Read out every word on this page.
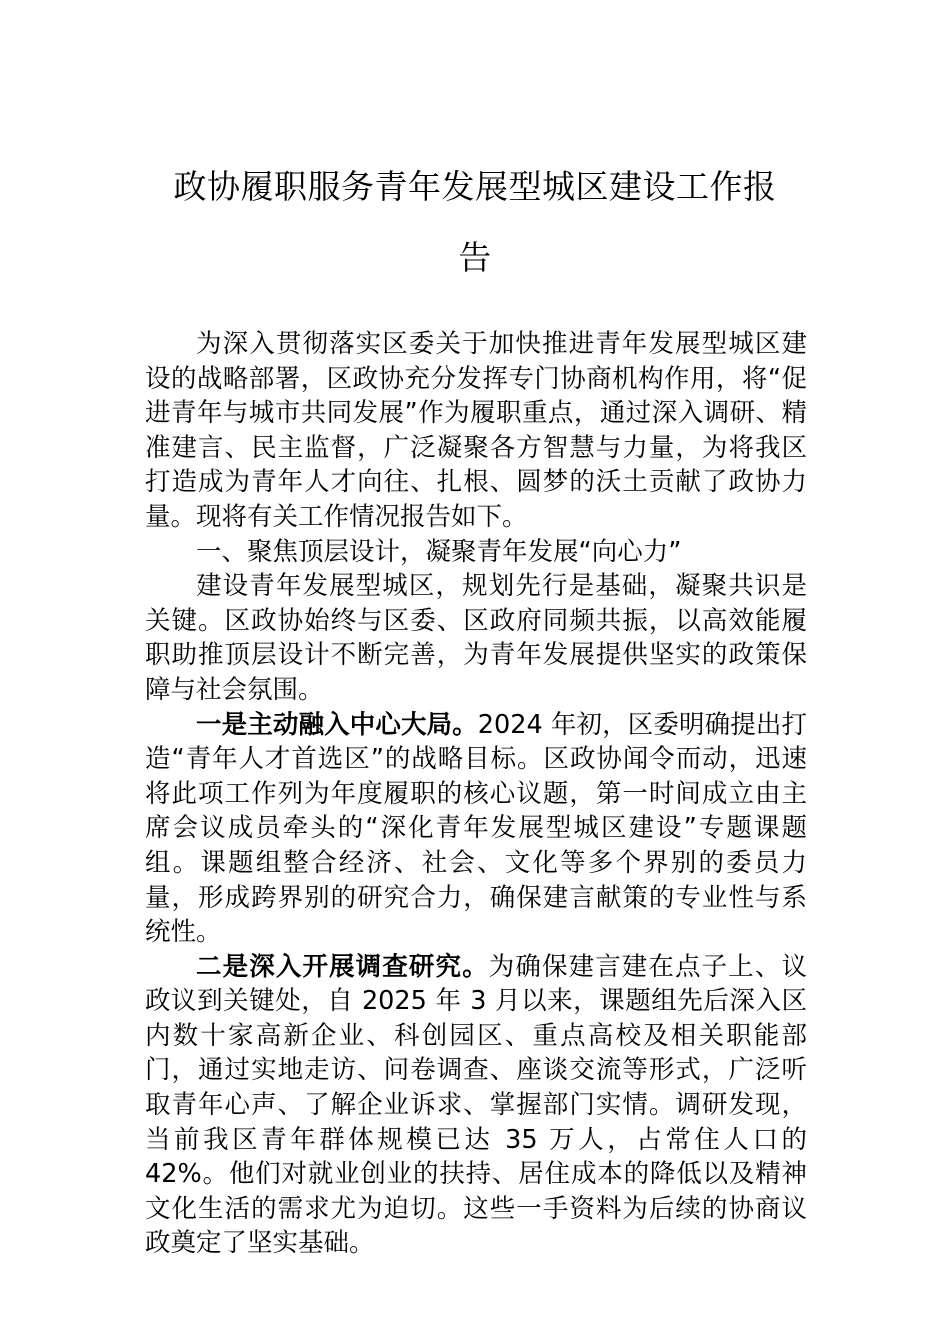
政协履职服务青年发展型城区建设工作报
告

为深入贯彻落实区委关于加快推进青年发展型城区建设的战略部署，区政协充分发挥专门协商机构作用，将“促进青年与城市共同发展”作为履职重点，通过深入调研、精准建言、民主监督，广泛凝聚各方智慧与力量，为将我区打造成为青年人才向往、扎根、圆梦的沃土贡献了政协力量。现将有关工作情况报告如下。

一、聚焦顶层设计，凝聚青年发展“向心力”

建设青年发展型城区，规划先行是基础，凝聚共识是关键。区政协始终与区委、区政府同频共振，以高效能履职助推顶层设计不断完善，为青年发展提供坚实的政策保障与社会氛围。

一是主动融入中心大局。2024 年初，区委明确提出打造“青年人才首选区”的战略目标。区政协闻令而动，迅速将此项工作列为年度履职的核心议题，第一时间成立由主席会议成员牵头的“深化青年发展型城区建设”专题课题组。课题组整合经济、社会、文化等多个界别的委员力量，形成跨界别的研究合力，确保建言献策的专业性与系统性。

二是深入开展调查研究。为确保建言建在点子上、议政议到关键处，自 2025 年 3 月以来，课题组先后深入区内数十家高新企业、科创园区、重点高校及相关职能部门，通过实地走访、问卷调查、座谈交流等形式，广泛听取青年心声、了解企业诉求、掌握部门实情。调研发现，当前我区青年群体规模已达 35 万人，占常住人口的 42%。他们对就业创业的扶持、居住成本的降低以及精神文化生活的需求尤为迫切。这些一手资料为后续的协商议政奠定了坚实基础。
